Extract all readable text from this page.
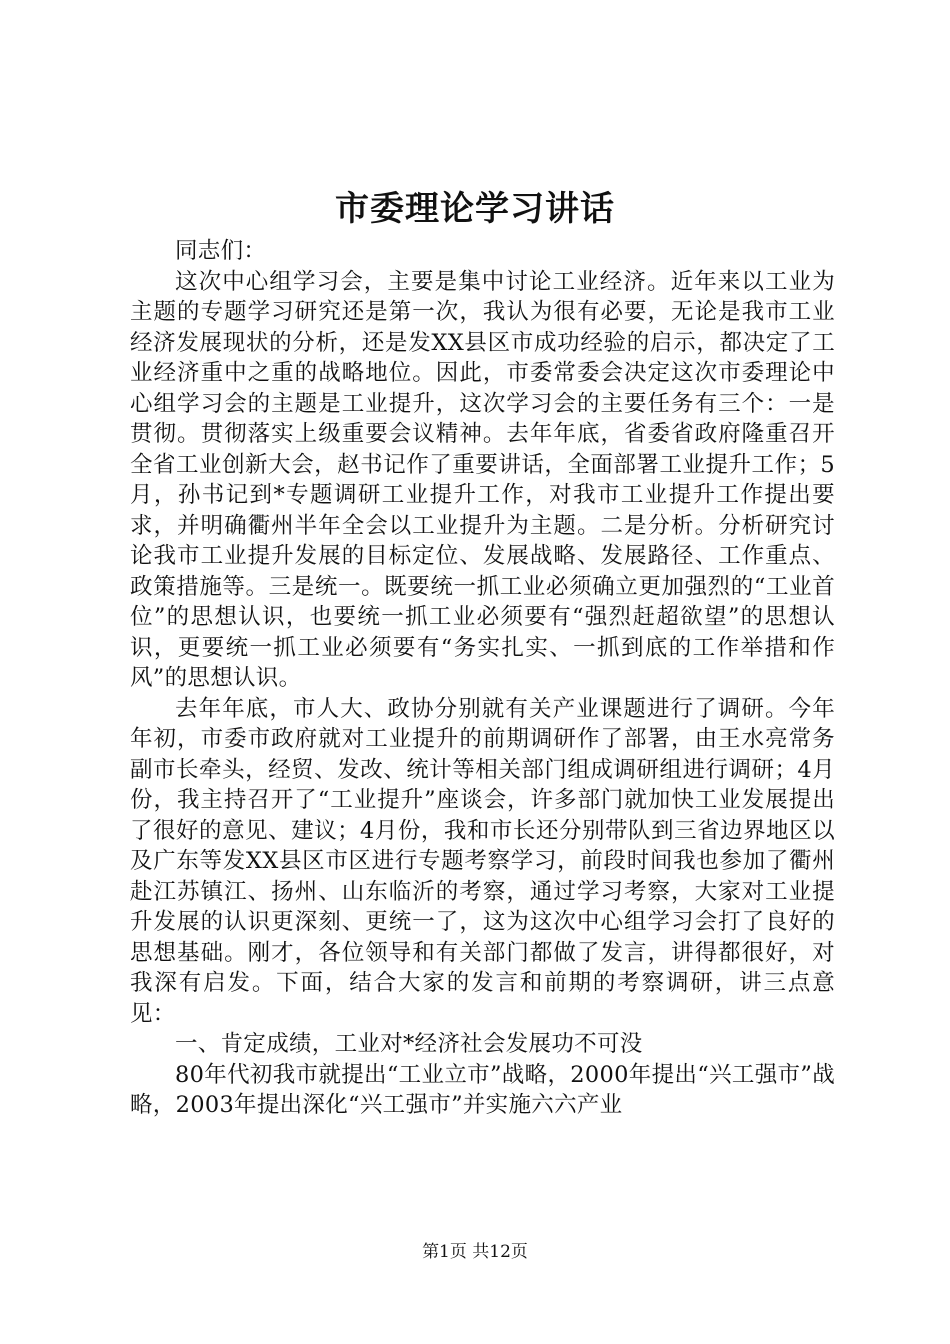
市委理论学习讲话

同志们：

这次中心组学习会，主要是集中讨论工业经济。近年来以工业为主题的专题学习研究还是第一次，我认为很有必要，无论是我市工业经济发展现状的分析，还是发XX县区市成功经验的启示，都决定了工业经济重中之重的战略地位。因此，市委常委会决定这次市委理论中心组学习会的主题是工业提升，这次学习会的主要任务有三个：一是贯彻。贯彻落实上级重要会议精神。去年年底，省委省政府隆重召开全省工业创新大会，赵书记作了重要讲话，全面部署工业提升工作；5月，孙书记到*专题调研工业提升工作，对我市工业提升工作提出要求，并明确衢州半年全会以工业提升为主题。二是分析。分析研究讨论我市工业提升发展的目标定位、发展战略、发展路径、工作重点、政策措施等。三是统一。既要统一抓工业必须确立更加强烈的“工业首位”的思想认识，也要统一抓工业必须要有“强烈赶超欲望”的思想认识，更要统一抓工业必须要有“务实扎实、一抓到底的工作举措和作风”的思想认识。

去年年底，市人大、政协分别就有关产业课题进行了调研。今年年初，市委市政府就对工业提升的前期调研作了部署，由王水亮常务副市长牵头，经贸、发改、统计等相关部门组成调研组进行调研；4月份，我主持召开了“工业提升”座谈会，许多部门就加快工业发展提出了很好的意见、建议；4月份，我和市长还分别带队到三省边界地区以及广东等发XX县区市区进行专题考察学习，前段时间我也参加了衢州赴江苏镇江、扬州、山东临沂的考察，通过学习考察，大家对工业提升发展的认识更深刻、更统一了，这为这次中心组学习会打了良好的思想基础。刚才，各位领导和有关部门都做了发言，讲得都很好，对我深有启发。下面，结合大家的发言和前期的考察调研，讲三点意见：

一、肯定成绩，工业对*经济社会发展功不可没

80年代初我市就提出“工业立市”战略，2000年提出“兴工强市”战略，2003年提出深化“兴工强市”并实施六六产业

第1页 共12页
